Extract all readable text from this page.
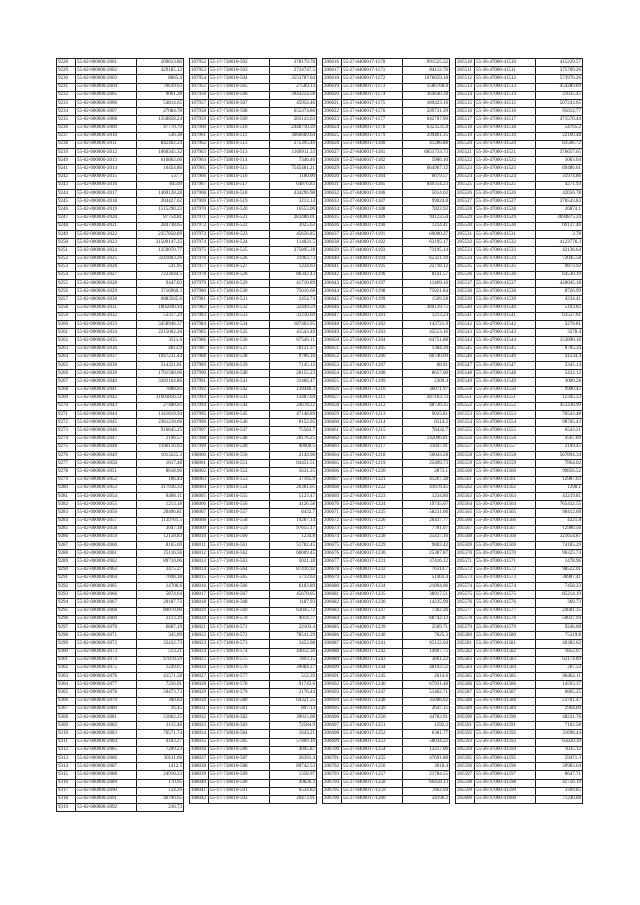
9228	55-02-000000-2001	209613.86
9229	55-02-000000-2002	429185.12
9230	55-02-000000-2003	8065.4
9231	55-02-000000-2004	70639.63
9232	55-02-000000-2005	9061.28
9233	55-02-000000-2006	54814.65
9234	55-02-000000-2007	27084.78
9235	55-02-000000-2008	1358858.24
9236	55-02-000000-2009	47770.79
9237	55-02-000000-2010	536.38
9238	55-02-000000-2011	842402.24
9239	55-02-000000-2012	1060345.32
9240	55-02-000000-2013	616862.66
9241	55-02-000000-2014	16454.86
9242	55-02-000000-2015	537.7
9243	55-02-000000-2016	84599
9244	55-02-000000-2017	1469128.28
9245	55-02-000000-2018	204427.62
9246	55-02-000000-2019	1515290.23
9247	55-02-000000-2020	87754.81
9248	55-02-000000-2021	284738.65
9249	55-02-000000-2022	2357858.89
9250	55-02-000000-2023	31509147.25
9251	55-02-000000-2024	1359070.77
9252	55-02-000000-2025	3241803.26
9253	55-02-000000-2026	541.95
9254	55-02-000000-2027	7233644.5
9255	55-02-000000-2028	9447.03
9256	55-02-000000-2029	3716960.3
9257	55-02-000000-2030	6883565.6
9258	55-02-000000-2031	1805840.94
9259	55-02-000000-2032	53317.29
9260	55-02-000000-2033	3458946.37
9261	55-02-000000-2034	2215002.26
9262	55-02-000000-2035	3511.6
9263	55-02-000000-2036	4813.9
9264	55-02-000000-2037	1047231.44
9265	55-02-000000-2038	514321.01
9266	55-02-000000-2039	1701500.66
9267	55-02-000000-2040	3283164.86
9268	55-02-000000-2041	7888.05
9269	55-02-000000-2042	31603856.51
9270	55-02-000000-2043	27488.05
9271	55-02-000000-2044	1341619.94
9272	55-02-000000-2045	2361218.66
9273	55-02-000000-2046	916645.25
9274	55-02-000000-2047	2196.57
9275	55-02-000000-2048	1196116.03
9276	55-02-000000-2049	1013225.3
9277	55-02-000000-2050	1617.48
9278	55-02-000000-2051	8618.96
9279	55-02-000000-2052	106.44
9280	55-02-000000-2053	317936.33
9281	55-02-000000-2054	8406.11
9282	55-02-000000-2055	1213.18
9283	55-02-000000-2056	20406.81
9284	55-02-000000-2057	1139761.5
9285	55-02-000000-2058	3047.18
9286	55-02-000000-2059	12158.83
9287	55-02-000000-2060	8165.69
9288	55-02-000000-2061	25116.56
9289	55-02-000000-2062	89710.06
9290	55-02-000000-2063	3475.27
9291	55-02-000000-2064	7698.18
9292	55-02-000000-2065	14706.6
9293	55-02-000000-2066	5874.64
9294	55-02-000000-2067	20187.73
9295	55-02-000000-2068	80870.00
9296	55-02-000000-2069	2113.39
9297	55-02-000000-2070	6887.19
9298	55-02-000000-2071	345.89
9299	55-02-000000-2072	32432.73
9300	55-02-000000-2073	513.21
9301	55-02-000000-2074	47878.59
9302	55-02-000000-2075	1249.07
9303	55-02-000000-2076	41571.58
9304	55-02-000000-2077	7256.91
9305	55-02-000000-2078	50473.73
9306	55-02-000000-2079	300.84
9307	55-02-000000-2080	16.45
9308	55-02-000000-2081	51862.25
9309	55-02-000000-2082	3115.48
9310	55-02-000000-2083	76571.74
9311	55-02-000000-2084	4183.27
9312	55-02-000000-2085	7209.23
9313	55-02-000000-2086	30111.66
9314	55-02-000000-2087	1412.5
9315	55-02-000000-2088	24910.23
9316	55-02-000000-2089	170.95
9317	55-02-000000-2090	124.26
9318	55-02-000000-2091	46790.65
9319	55-02-000000-2092	216.73
107952	55-17-718010-502	378179.78
107953	55-17-718010-503	2734747.5
107954	55-17-718010-504	3553787.64
107955	55-17-718010-505	27589.13
107956	55-17-718010-506	3944254.58
107957	55-17-718010-507	45954.46
107958	55-17-718010-508	655374.86
107959	55-17-718010-509	283143.63
107960	55-17-718010-510	2448710.39
107961	55-17-718010-511	3666689.64
107962	55-17-718010-512	275395.46
107963	55-17-718010-513	1160911.33
107964	55-17-718010-514	7346.46
107965	55-17-718010-515	7545481.21
107966	55-17-718010-516	1180.00
107967	55-17-718010-517	64876.83
107968	55-17-718010-518	434296.98
107969	55-17-718010-519	3213.14
107970	55-17-718010-520	16553.06
107971	55-17-718010-521	283486.01
107972	55-17-718010-522	3025.63
107973	55-17-718010-523	45656.85
107974	55-17-718010-524	114021.5
107975	55-17-718010-525	275895.28
107976	55-17-718010-526	31963.73
107977	55-17-718010-527	1234.63
107978	55-17-718010-528	86342.43
107979	55-17-718010-529	41710.89
107980	55-17-718010-530	75016.68
107981	55-17-718010-531	2454.74
107982	55-17-718010-532	32449.59
107983	55-17-718010-533	33216.69
107984	55-17-718010-534	187463.95
107985	55-17-718010-535	41543.49
107986	55-17-718010-536	67546.11
107987	55-17-718010-537	78131.37
107988	55-17-718010-538	9706.16
107989	55-17-718010-539	7145.12
107990	55-17-718010-540	28155.23
107991	55-17-718010-541	31466.47
107992	55-17-718010-542	139446.3
107993	55-17-718010-543	12487.04
107994	55-17-718010-544	24678.22
107995	55-17-718010-545	47148.89
107996	55-17-718010-546	8152.05
107997	55-17-718010-547	75563.7
107998	55-17-718010-548	28176.25
107999	55-17-718010-549	90000.5
108000	55-17-718010-550	2143.98
108001	55-17-718010-551	84451.51
108002	55-17-718010-552	5631.25
108003	55-17-718010-553	37165.9
108004	55-17-718010-554	26381.05
108005	55-17-718010-555	5123.47
108006	55-17-718010-556	4126.58
108007	55-17-718010-557	8432.7
108008	55-17-718010-558	19287.14
108009	55-17-718010-559	97655.17
108010	55-17-718010-560	1234.8
108011	55-17-718010-561	51782.45
108012	55-17-718010-562	60009.45
108013	55-17-718010-563	3021.18
108014	55-17-718010-564	87416.92
108015	55-17-718010-565	5712.63
108016	55-17-718010-566	6103.89
108017	55-17-718010-567	45678.05
108018	55-17-718010-568	1187.93
108019	55-17-718010-569	63045.72
108020	55-17-718010-570	9014.77
108021	55-17-718010-571	22103.4
108022	55-17-718010-572	78541.29
108023	55-17-718010-573	3452.08
108024	55-17-718010-574	44012.36
108025	55-17-718010-575	7893.15
108026	55-17-718010-576	39084.27
108027	55-17-718010-577	512.39
108028	55-17-718010-578	91743.6
108029	55-17-718010-579	2176.44
108030	55-17-718010-580	64321.55
108031	55-17-718010-581	897.13
108032	55-17-718010-582	30015.08
108033	55-17-718010-583	72584.9
108034	55-17-718010-584	1643.21
108035	55-17-718010-585	57809.16
108036	55-17-718010-586	4095.87
108037	55-17-718010-587	26391.4
108038	55-17-718010-588	80742.53
108039	55-17-718010-589	1358.97
108040	55-17-718010-590	49826.3
108041	55-17-718010-591	6534.82
108042	55-17-718010-592	20473.91
206616	55-27-8400017-1170	991525.32
206617	55-27-8400017-1171	84112.76
206618	55-27-8400017-1172	1076659.18
206619	55-27-8400017-1173	1586768.8
206620	55-27-8400017-1174	364640.38
206621	55-27-8400017-1175	189423.16
206622	55-27-8400017-1176	509731.39
206623	55-27-8400017-1177	642707.99
206624	55-27-8400017-1178	6323531.8
206625	55-27-8400017-1179	299461.35
206626	55-27-8400017-1180	41286.88
206627	55-27-8400017-1181	6851733.73
206628	55-27-8400017-1182	5906.10
206629	55-27-8400017-1183	664967.12
206630	55-27-8400017-1184	6679.57
206631	55-27-8400017-1185	849354.23
206632	55-27-8400017-1186	5614.02
206633	55-27-8400017-1187	99024.8
206634	55-27-8400017-1188	7823.93
206635	55-27-8400017-1189	94123.54
206636	55-27-8400017-1190	1214.41
206637	55-27-8400017-1191	60000.27
206638	55-27-8400017-1192	63195.17
206639	55-27-8400017-1193	73195.14
206640	55-27-8400017-1194	65321.39
206641	55-27-8400017-1195	22718.12
206642	55-27-8400017-1196	8141.57
206643	55-27-8400017-1197	11469.16
206644	55-27-8400017-1198	75821.84
206645	55-27-8400017-1199	1569.58
206646	55-27-8400017-1200	480139.75
206647	55-27-8400017-1201	1213.24
206648	55-27-8400017-1202	143721.9
206649	55-27-8400017-1203	45513.16
206650	55-27-8400017-1204	64751.88
206651	55-27-8400017-1205	1384.39
206652	55-27-8400017-1206	86740.69
206653	55-27-8400017-1207	68.91
206654	55-27-8400017-1208	8657.08
206655	55-27-8400017-1209	2309.4
206656	55-27-8400017-1210	36071.97
206657	55-27-8400017-1211	287163.72
206658	55-27-8400017-1212	48726.35
206659	55-27-8400017-1213	9025.81
206660	55-27-8400017-1214	6314.2
206661	55-27-8400017-1215	78432.7
206662	55-27-8400017-1216	142096.81
206663	55-27-8400017-1217	31847.91
206664	55-27-8400017-1218	56043.28
206665	55-27-8400017-1219	25409.73
206666	55-27-8400017-1220	2873.1
206667	55-27-8400017-1221	41267.38
206668	55-27-8400017-1222	41678.45
206669	55-27-8400017-1223	1234.86
206670	55-27-8400017-1224	19745.67
206671	55-27-8400017-1225	58231.06
206672	55-27-8400017-1226	26437.77
206673	55-27-8400017-1227	7781.07
206674	55-27-8400017-1228	25437.16
206675	55-27-8400017-1229	9803.42
206676	55-27-8400017-1230	25387.87
206677	55-27-8400017-1231	37416.12
206678	55-27-8400017-1232	76314.7
206679	55-27-8400017-1233	51403.4
206680	55-27-8400017-1234	21894.06
206681	55-27-8400017-1235	38917.51
206682	55-27-8400017-1236	14235.99
206683	55-27-8400017-1237	7302.36
206684	55-27-8400017-1238	68742.13
206685	55-27-8400017-1239	3509.71
206686	55-27-8400017-1240	7625.3
206687	55-27-8400017-1241	65112.04
206688	55-27-8400017-1242	14907.75
206689	55-27-8400017-1243	3861.22
206690	55-27-8400017-1244	48193.52
206691	55-27-8400017-1245	2014.6
206692	55-27-8400017-1246	67931.48
206693	55-27-8400017-1247	51462.71
206694	55-27-8400017-1248	35008.62
206695	55-27-8400017-1249	2647.15
206696	55-27-8400017-1250	44783.91
206697	55-27-8400017-1251	1592.3
206698	55-27-8400017-1252	6381.77
206699	55-27-8400017-1253	58034.22
206700	55-27-8400017-1254	13257.06
206701	55-27-8400017-1255	47691.88
206702	55-27-8400017-1256	3018.4
206703	55-27-8400017-1257	21784.55
206704	55-27-8400017-1258	60458.13
206705	55-27-8400017-1259	7862.94
206706	55-27-8400017-1260	34196.2
205510	55-36-47000-41510	415239.57
205511	55-36-47000-41511	375769.26
205512	55-36-47000-41512	573976.26
205513	55-36-47000-41513	454289.89
205514	55-36-47000-41514	21035.45
205515	55-36-47000-41515	507243.65
205516	55-36-47000-41516	95612.77
205517	55-36-47000-41517	471570.44
205518	55-36-47000-41518	54765.2
205519	55-36-47000-41519	22160.48
205520	55-36-47000-41520	83566.72
205521	55-36-47000-41521	376657.65
205522	55-36-47000-41522	1063.04
205523	55-36-47000-41523	89486.61
205524	55-36-47000-41524	31974.86
205525	55-36-47000-41525	4271.93
205526	55-36-47000-41526	42056.78
205527	55-36-47000-41527	376543.83
205528	55-36-47000-41528	26874.1
205529	55-36-47000-41529	3694875.24
205530	55-36-47000-41530	69137.46
205531	55-36-47000-41531	3.78
205532	55-36-47000-41532	4123776.3
205533	55-36-47000-41533	42136.64
205534	55-36-47000-41534	72045.58
205535	55-36-47000-41535	9873.92
205536	55-36-47000-41536	64530.19
205537	55-36-47000-41537	420045.18
205538	55-36-47000-41538	8726.99
205539	55-36-47000-41539	4234.41
205540	55-36-47000-41540	5103.85
205541	55-36-47000-41541	63527.61
205542	55-36-47000-41542	3278.81
205543	55-36-47000-41543	3278.4
205544	55-36-47000-41544	153890.16
205545	55-36-47000-41545	8765.34
205546	55-36-47000-41546	41234.4
205547	55-36-47000-41547	2345.14
205548	55-36-47000-41548	5432.12
205549	55-36-47000-41549	3000.28
205550	55-36-47000-41550	9900.45
205551	55-36-47000-41551	12345.23
205552	55-36-47000-41552	451236.99
205553	55-36-47000-41553	76543.48
205554	55-36-47000-41554	98765.43
205555	55-36-47000-41555	6543.21
205556	55-36-47000-41556	4567.89
205557	55-36-47000-41557	2109.45
205558	55-36-47000-41558	567894.34
205559	55-36-47000-41559	7864.02
205560	55-36-47000-41560	99856.52
205561	55-36-47000-41561	12987.63
205562	55-36-47000-41562	1298.1
205563	55-36-47000-41563	43219.81
205564	55-36-47000-41564	765432.55
205565	55-36-47000-41565	98412.68
205566	55-36-47000-41566	4321.8
205567	55-36-47000-41567	12986.56
205568	55-36-47000-41568	321654.87
205569	55-36-47000-41569	74185.29
205570	55-36-47000-41570	96325.74
205571	55-36-47000-41571	1478.96
205572	55-36-47000-41572	98522.01
205573	55-36-47000-41573	36987.41
205574	55-36-47000-41574	7458.23
205575	55-36-47000-41575	85214.19
205576	55-36-47000-41576	369.73
205577	55-36-47000-41577	24681.35
205578	55-36-47000-41578	50037.94
205579	55-36-47000-41579	9246.08
205580	55-36-47000-41580	75319.8
205581	55-36-47000-41581	40382.62
205582	55-36-47000-41582	1852.07
205583	55-36-47000-41583	63174.89
205584	55-36-47000-41584	287.53
205585	55-36-47000-41585	90462.11
205586	55-36-47000-41586	14593.37
205587	55-36-47000-41587	6805.25
205588	55-36-47000-41588	53781.47
205589	55-36-47000-41589	2964.09
205590	55-36-47000-41590	48231.76
205591	55-36-47000-41591	7102.58
205592	55-36-47000-41592	31698.44
205593	55-36-47000-41593	65820.39
205594	55-36-47000-41594	1035.12
205595	55-36-47000-41595	59471.3
205596	55-36-47000-41596	20983.64
205597	55-36-47000-41597	8647.71
205598	55-36-47000-41598	42756.19
205599	55-36-47000-41599	3309.85
205600	55-36-47000-41600	71240.88
